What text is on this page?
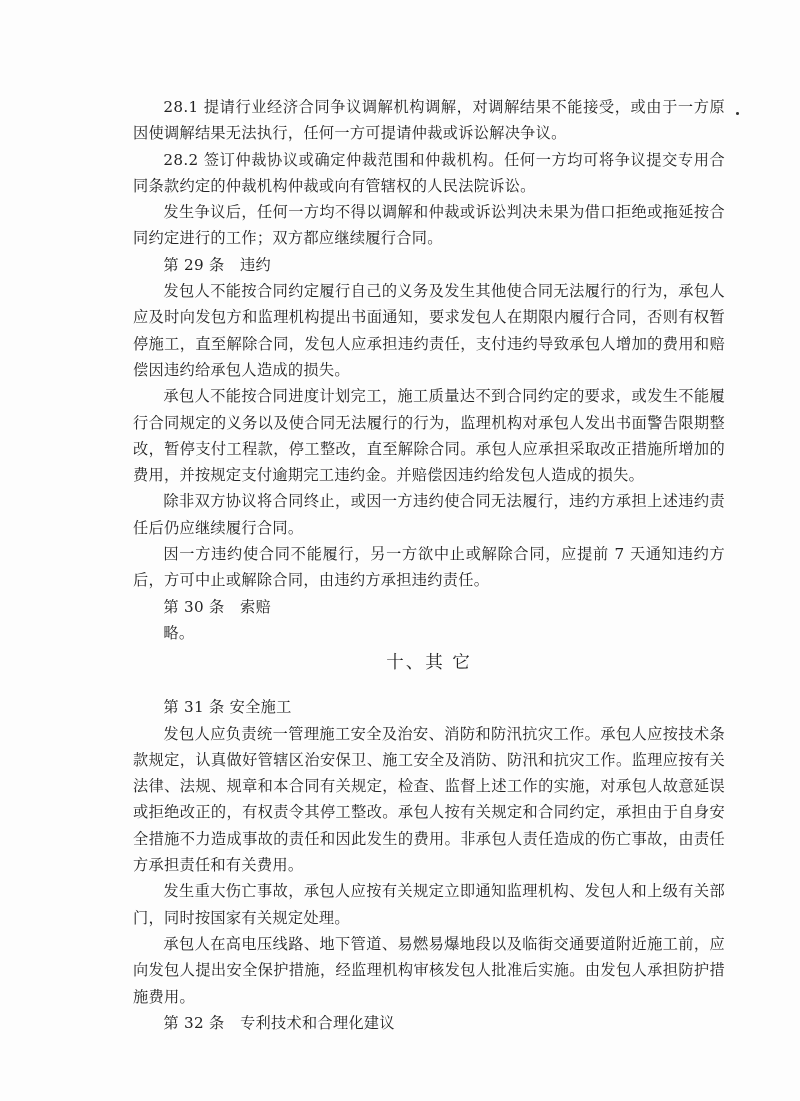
28.1 提请行业经济合同争议调解机构调解，对调解结果不能接受，或由于一方原因使调解结果无法执行，任何一方可提请仲裁或诉讼解决争议。

28.2 签订仲裁协议或确定仲裁范围和仲裁机构。任何一方均可将争议提交专用合同条款约定的仲裁机构仲裁或向有管辖权的人民法院诉讼。

发生争议后，任何一方均不得以调解和仲裁或诉讼判决未果为借口拒绝或拖延按合同约定进行的工作；双方都应继续履行合同。

第 29 条　违约

发包人不能按合同约定履行自己的义务及发生其他使合同无法履行的行为，承包人应及时向发包方和监理机构提出书面通知，要求发包人在期限内履行合同，否则有权暂停施工，直至解除合同，发包人应承担违约责任，支付违约导致承包人增加的费用和赔偿因违约给承包人造成的损失。

承包人不能按合同进度计划完工，施工质量达不到合同约定的要求，或发生不能履行合同规定的义务以及使合同无法履行的行为，监理机构对承包人发出书面警告限期整改，暂停支付工程款，停工整改，直至解除合同。承包人应承担采取改正措施所增加的费用，并按规定支付逾期完工违约金。并赔偿因违约给发包人造成的损失。

除非双方协议将合同终止，或因一方违约使合同无法履行，违约方承担上述违约责任后仍应继续履行合同。

因一方违约使合同不能履行，另一方欲中止或解除合同，应提前 7 天通知违约方后，方可中止或解除合同，由违约方承担违约责任。

第 30 条　索赔

略。

十、其 它

第 31 条 安全施工

发包人应负责统一管理施工安全及治安、消防和防汛抗灾工作。承包人应按技术条款规定，认真做好管辖区治安保卫、施工安全及消防、防汛和抗灾工作。监理应按有关法律、法规、规章和本合同有关规定，检查、监督上述工作的实施，对承包人故意延误或拒绝改正的，有权责令其停工整改。承包人按有关规定和合同约定，承担由于自身安全措施不力造成事故的责任和因此发生的费用。非承包人责任造成的伤亡事故，由责任方承担责任和有关费用。

发生重大伤亡事故，承包人应按有关规定立即通知监理机构、发包人和上级有关部门，同时按国家有关规定处理。

承包人在高电压线路、地下管道、易燃易爆地段以及临街交通要道附近施工前，应向发包人提出安全保护措施，经监理机构审核发包人批准后实施。由发包人承担防护措施费用。

第 32 条　专利技术和合理化建议
